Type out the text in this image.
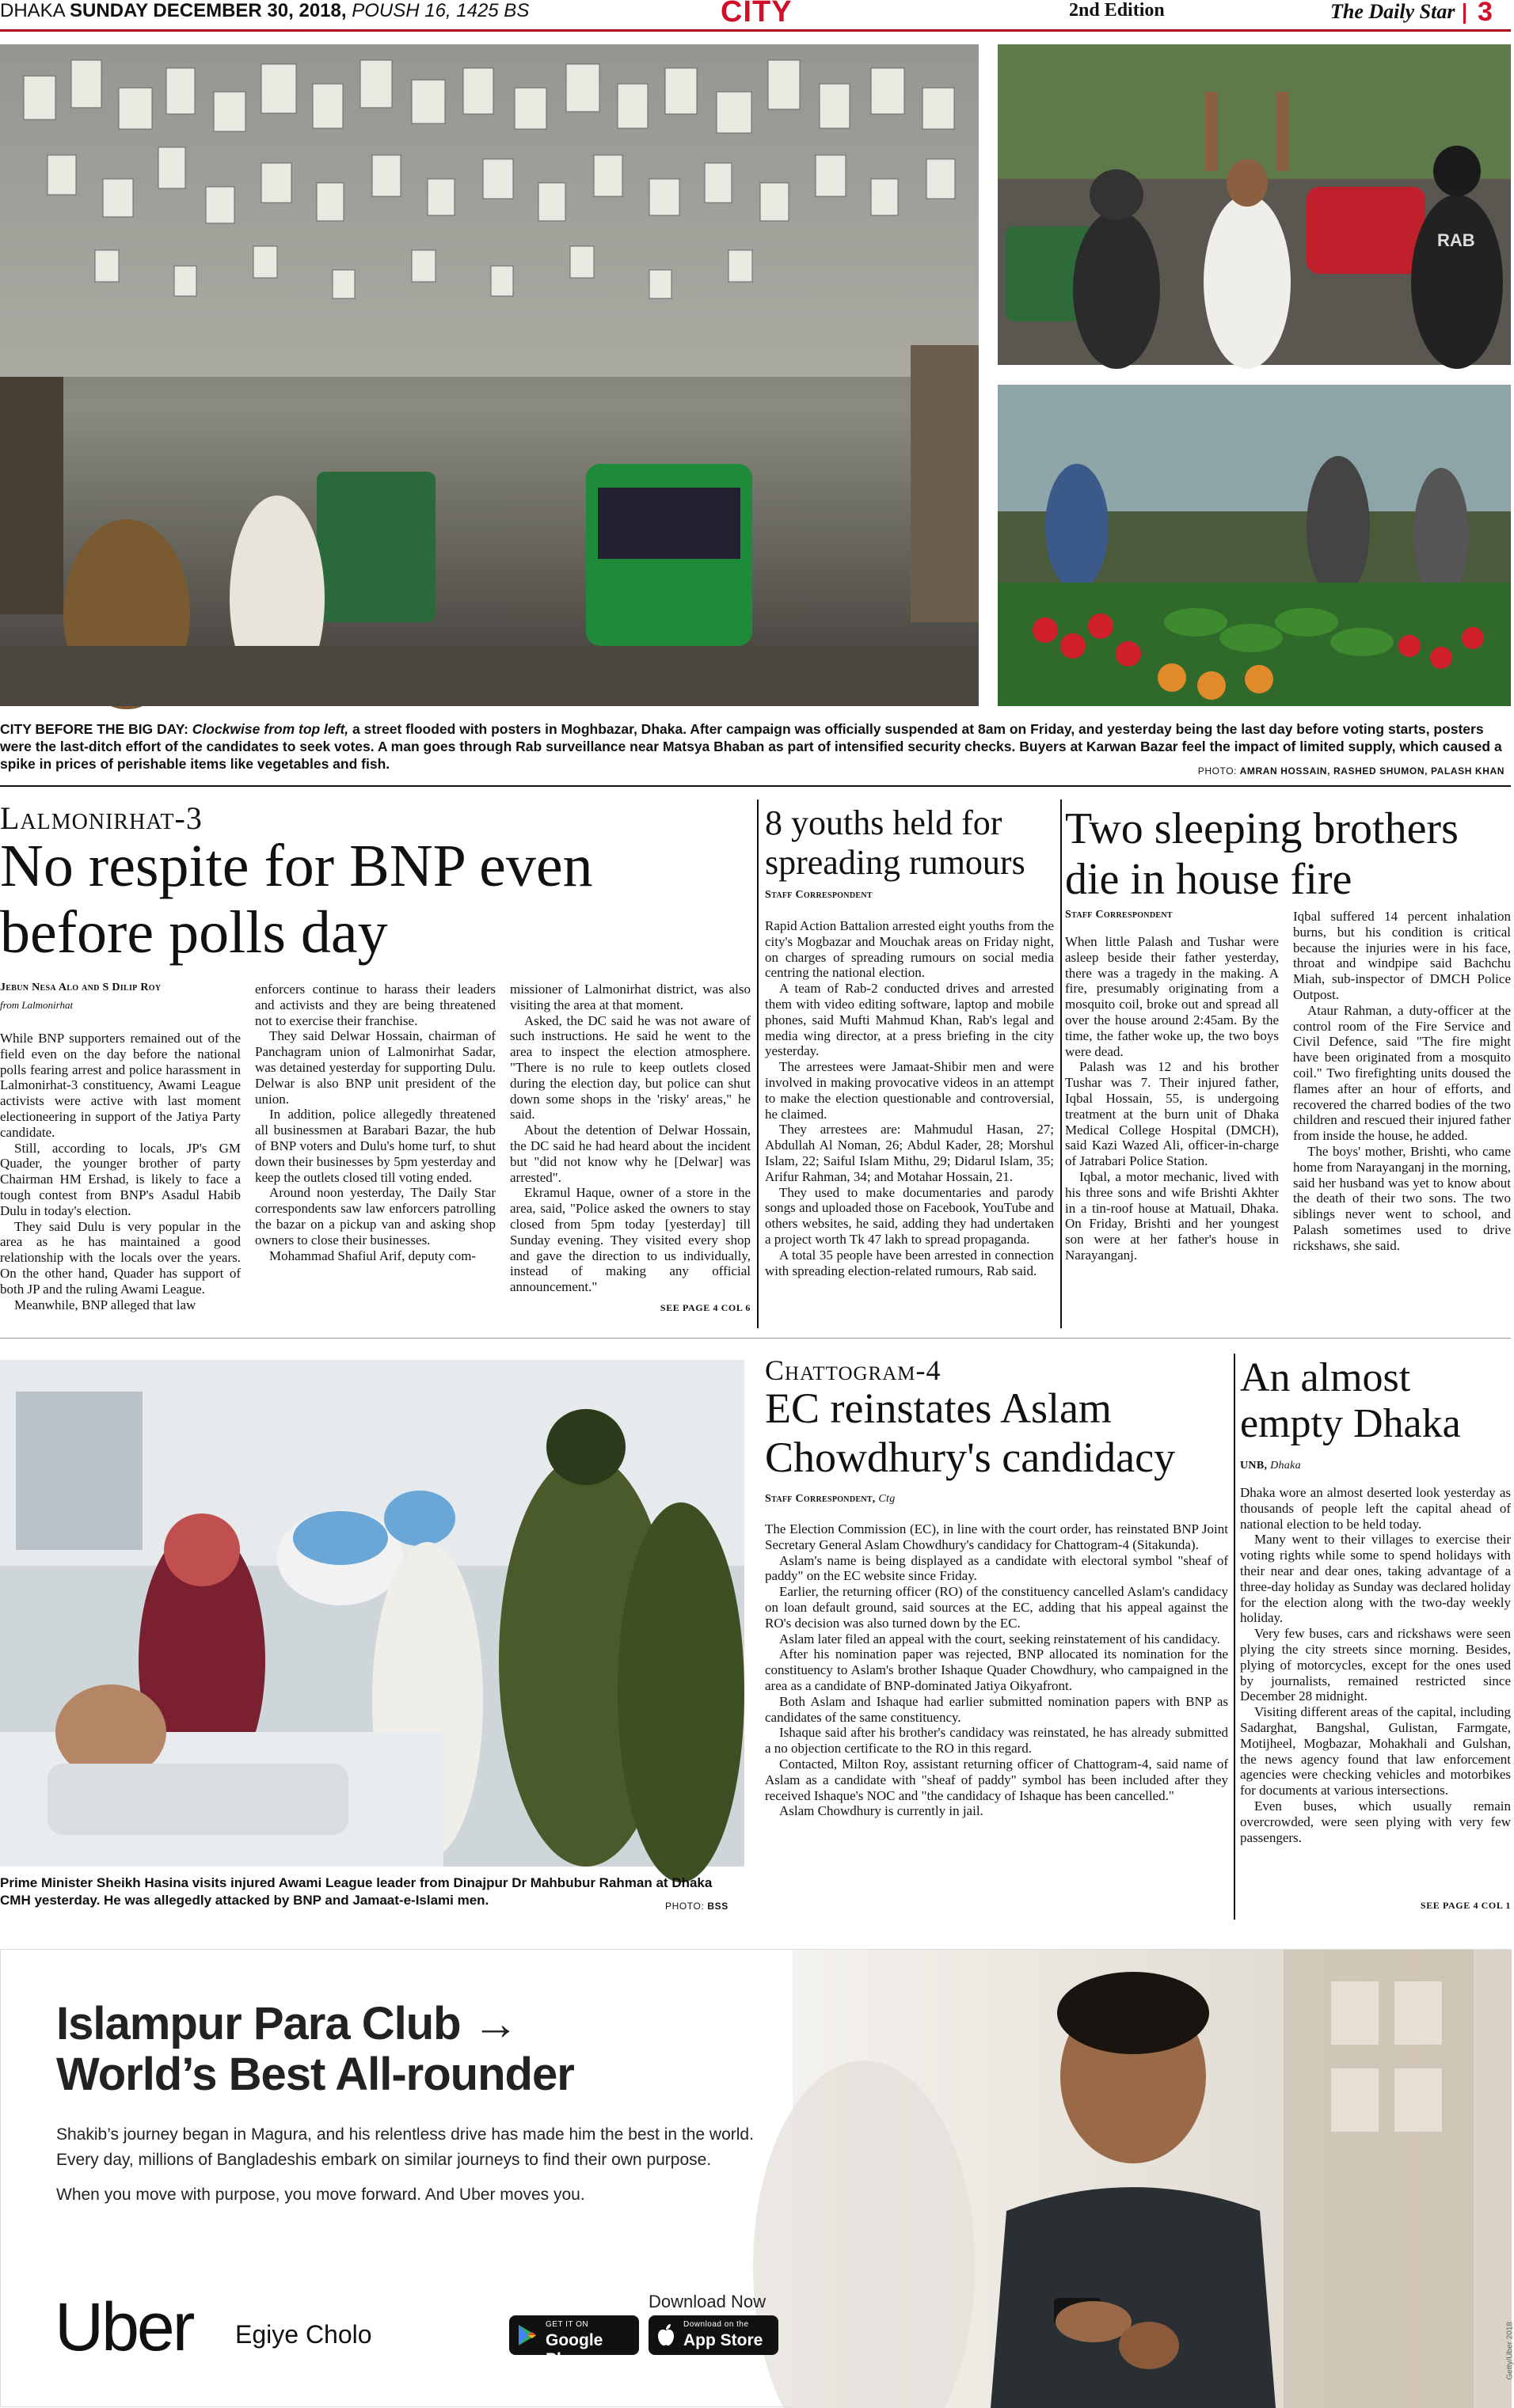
DHAKA SUNDAY DECEMBER 30, 2018, POUSH 16, 1425 BS	CITY	2nd Edition	The Daily Star 3
RAB
CITY BEFORE THE BIG DAY: Clockwise from top left, a street flooded with posters in Moghbazar, Dhaka. After campaign was officially suspended at 8am on Friday, and yesterday being the last day before voting starts, posters were the last-ditch effort of the candidates to seek votes. A man goes through Rab surveillance near Matsya Bhaban as part of intensified security checks. Buyers at Karwan Bazar feel the impact of limited supply, which caused a spike in prices of perishable items like vegetables and fish.	PHOTO: AMRAN HOSSAIN, RASHED SHUMON, PALASH KHAN
Lalmonirhat-3
No respite for BNP even before polls day
Jebun Nesa Alo and S Dilip Roy
from Lalmonirhat

While BNP supporters remained out of the field even on the day before the national polls fearing arrest and police harassment in Lalmonirhat-3 constituency, Awami League activists were active with last moment electioneering in support of the Jatiya Party candidate.

Still, according to locals, JP's GM Quader, the younger brother of party Chairman HM Ershad, is likely to face a tough contest from BNP's Asadul Habib Dulu in today's election.

They said Dulu is very popular in the area as he has maintained a good relationship with the locals over the years. On the other hand, Quader has support of both JP and the ruling Awami League.

Meanwhile, BNP alleged that law

enforcers continue to harass their leaders and activists and they are being threatened not to exercise their franchise.

They said Delwar Hossain, chairman of Panchagram union of Lalmonirhat Sadar, was detained yesterday for supporting Dulu. Delwar is also BNP unit president of the union.

In addition, police allegedly threatened all businessmen at Barabari Bazar, the hub of BNP voters and Dulu's home turf, to shut down their businesses by 5pm yesterday and keep the outlets closed till voting ended.

Around noon yesterday, The Daily Star correspondents saw law enforcers patrolling the bazar on a pickup van and asking shop owners to close their businesses.

Mohammad Shafiul Arif, deputy com-

missioner of Lalmonirhat district, was also visiting the area at that moment.

Asked, the DC said he was not aware of such instructions. He said he went to the area to inspect the election atmosphere. "There is no rule to keep outlets closed during the election day, but police can shut down some shops in the 'risky' areas," he said.

About the detention of Delwar Hossain, the DC said he had heard about the incident but "did not know why he [Delwar] was arrested".

Ekramul Haque, owner of a store in the area, said, "Police asked the owners to stay closed from 5pm today [yesterday] till Sunday evening. They visited every shop and gave the direction to us individually, instead of making any official announcement."

SEE PAGE 4 COL 6
8 youths held for spreading rumours
Staff Correspondent

Rapid Action Battalion arrested eight youths from the city's Mogbazar and Mouchak areas on Friday night, on charges of spreading rumours on social media centring the national election.

A team of Rab-2 conducted drives and arrested them with video editing software, laptop and mobile phones, said Mufti Mahmud Khan, Rab's legal and media wing director, at a press briefing in the city yesterday.

The arrestees were Jamaat-Shibir men and were involved in making provocative videos in an attempt to make the election questionable and controversial, he claimed.

They arrestees are: Mahmudul Hasan, 27; Abdullah Al Noman, 26; Abdul Kader, 28; Morshul Islam, 22; Saiful Islam Mithu, 29; Didarul Islam, 35; Arifur Rahman, 34; and Motahar Hossain, 21.

They used to make documentaries and parody songs and uploaded those on Facebook, YouTube and others websites, he said, adding they had undertaken a project worth Tk 47 lakh to spread propaganda.

A total 35 people have been arrested in connection with spreading election-related rumours, Rab said.

Two sleeping brothers die in house fire
Staff Correspondent

When little Palash and Tushar were asleep beside their father yesterday, there was a tragedy in the making. A fire, presumably originating from a mosquito coil, broke out and spread all over the house around 2:45am. By the time, the father woke up, the two boys were dead.

Palash was 12 and his brother Tushar was 7. Their injured father, Iqbal Hossain, 55, is undergoing treatment at the burn unit of Dhaka Medical College Hospital (DMCH), said Kazi Wazed Ali, officer-in-charge of Jatrabari Police Station.

Iqbal, a motor mechanic, lived with his three sons and wife Brishti Akhter in a tin-roof house at Matuail, Dhaka. On Friday, Brishti and her youngest son were at her father's house in Narayanganj.

Iqbal suffered 14 percent inhalation burns, but his condition is critical because the injuries were in his face, throat and windpipe said Bachchu Miah, sub-inspector of DMCH Police Outpost.

Ataur Rahman, a duty-officer at the control room of the Fire Service and Civil Defence, said "The fire might have been originated from a mosquito coil." Two firefighting units doused the flames after an hour of efforts, and recovered the charred bodies of the two children and rescued their injured father from inside the house, he added.

The boys' mother, Brishti, who came home from Narayanganj in the morning, said her husband was yet to know about the death of their two sons. The two siblings never went to school, and Palash sometimes used to drive rickshaws, she said.

Prime Minister Sheikh Hasina visits injured Awami League leader from Dinajpur Dr Mahbubur Rahman at Dhaka CMH yesterday. He was allegedly attacked by BNP and Jamaat-e-Islami men.	PHOTO: BSS
Chattogram-4
EC reinstates Aslam Chowdhury's candidacy
Staff Correspondent, Ctg

The Election Commission (EC), in line with the court order, has reinstated BNP Joint Secretary General Aslam Chowdhury's candidacy for Chattogram-4 (Sitakunda).

Aslam's name is being displayed as a candidate with electoral symbol "sheaf of paddy" on the EC website since Friday.

Earlier, the returning officer (RO) of the constituency cancelled Aslam's candidacy on loan default ground, said sources at the EC, adding that his appeal against the RO's decision was also turned down by the EC.

Aslam later filed an appeal with the court, seeking reinstatement of his candidacy.

After his nomination paper was rejected, BNP allocated its nomination for the constituency to Aslam's brother Ishaque Quader Chowdhury, who campaigned in the area as a candidate of BNP-dominated Jatiya Oikyafront.

Both Aslam and Ishaque had earlier submitted nomination papers with BNP as candidates of the same constituency.

Ishaque said after his brother's candidacy was reinstated, he has already submitted a no objection certificate to the RO in this regard.

Contacted, Milton Roy, assistant returning officer of Chattogram-4, said name of Aslam as a candidate with "sheaf of paddy" symbol has been included after they received Ishaque's NOC and "the candidacy of Ishaque has been cancelled."

Aslam Chowdhury is currently in jail.

An almost empty Dhaka
UNB, Dhaka

Dhaka wore an almost deserted look yesterday as thousands of people left the capital ahead of national election to be held today.

Many went to their villages to exercise their voting rights while some to spend holidays with their near and dear ones, taking advantage of a three-day holiday as Sunday was declared holiday for the election along with the two-day weekly holiday.

Very few buses, cars and rickshaws were seen plying the city streets since morning. Besides, plying of motorcycles, except for the ones used by journalists, remained restricted since December 28 midnight.

Visiting different areas of the capital, including Sadarghat, Bangshal, Gulistan, Farmgate, Motijheel, Mogbazar, Mohakhali and Gulshan, the news agency found that law enforcement agencies were checking vehicles and motorbikes for documents at various intersections.

Even buses, which usually remain overcrowded, were seen plying with very few passengers.

SEE PAGE 4 COL 1
Getty/Uber 2018
Islampur Para Club →
World’s Best All-rounder
Shakib’s journey began in Magura, and his relentless drive has made him the best in the world.
Every day, millions of Bangladeshis embark on similar journeys to find their own purpose.
When you move with purpose, you move forward. And Uber moves you.
Uber Egiye Cholo
Download Now
GET IT ON
Google Play
Download on the
App Store
